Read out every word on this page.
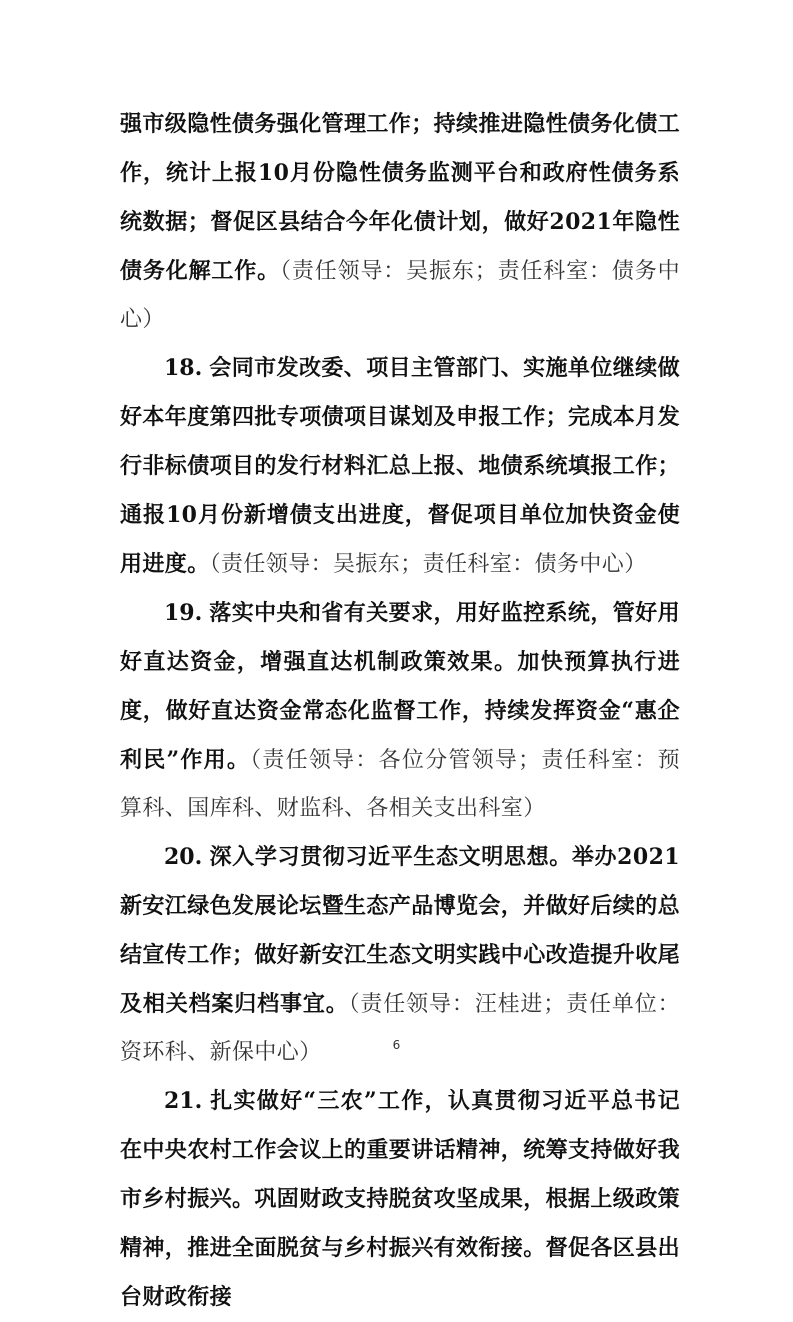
强市级隐性债务强化管理工作；持续推进隐性债务化债工作，统计上报10月份隐性债务监测平台和政府性债务系统数据；督促区县结合今年化债计划，做好2021年隐性债务化解工作。（责任领导：吴振东；责任科室：债务中心）

18. 会同市发改委、项目主管部门、实施单位继续做好本年度第四批专项债项目谋划及申报工作；完成本月发行非标债项目的发行材料汇总上报、地债系统填报工作；通报10月份新增债支出进度，督促项目单位加快资金使用进度。（责任领导：吴振东；责任科室：债务中心）

19. 落实中央和省有关要求，用好监控系统，管好用好直达资金，增强直达机制政策效果。加快预算执行进度，做好直达资金常态化监督工作，持续发挥资金“惠企利民”作用。（责任领导：各位分管领导；责任科室：预算科、国库科、财监科、各相关支出科室）

20. 深入学习贯彻习近平生态文明思想。举办2021新安江绿色发展论坛暨生态产品博览会，并做好后续的总结宣传工作；做好新安江生态文明实践中心改造提升收尾及相关档案归档事宜。（责任领导：汪桂进；责任单位：资环科、新保中心）

21. 扎实做好“三农”工作，认真贯彻习近平总书记在中央农村工作会议上的重要讲话精神，统筹支持做好我市乡村振兴。巩固财政支持脱贫攻坚成果，根据上级政策精神，推进全面脱贫与乡村振兴有效衔接。督促各区县出台财政衔接

6
